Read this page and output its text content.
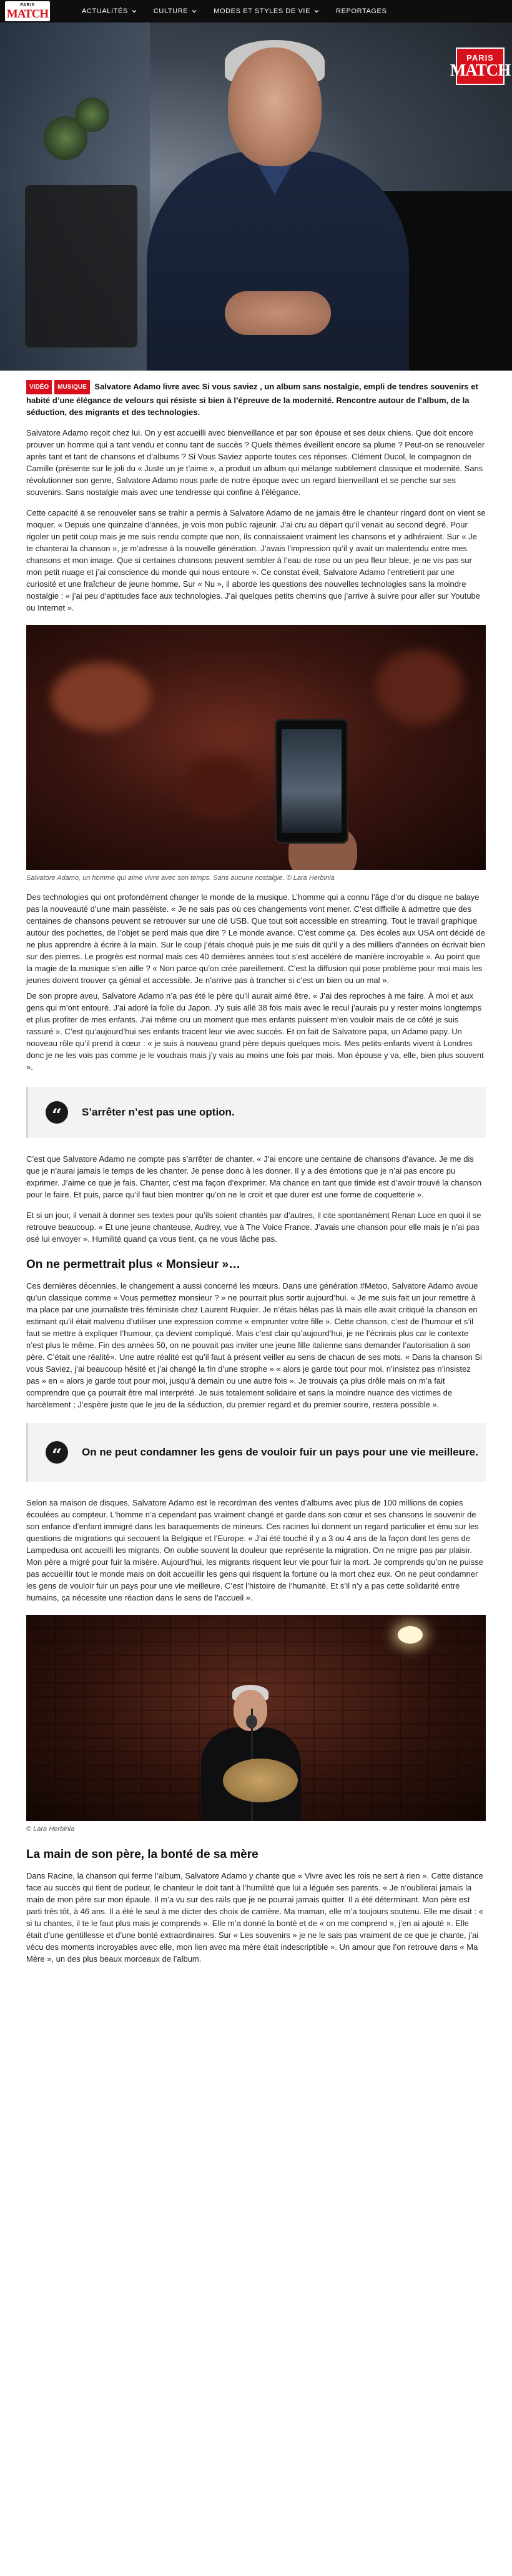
PARIS
MATCH	ACTUALITÉS	CULTURE	MODES ET STYLES DE VIE	REPORTAGES
PARIS
MATCH
VIDÉO MUSIQUE Salvatore Adamo livre avec Si vous saviez , un album sans nostalgie, empli de tendres souvenirs et habité d’une élégance de velours qui résiste si bien à l’épreuve de la modernité. Rencontre autour de l’album, de la séduction, des migrants et des technologies.

Salvatore Adamo reçoit chez lui. On y est accueilli avec bienveillance et par son épouse et ses deux chiens. Que doit encore prouver un homme qui a tant vendu et connu tant de succès ? Quels thèmes éveillent encore sa plume ? Peut-on se renouveler après tant et tant de chansons et d’albums ? Si Vous Saviez apporte toutes ces réponses. Clément Ducol, le compagnon de Camille (présente sur le joli du « Juste un je t’aime », a produit un album qui mélange subtilement classique et modernité. Sans révolutionner son genre, Salvatore Adamo nous parle de notre époque avec un regard bienveillant et se penche sur ses souvenirs. Sans nostalgie mais avec une tendresse qui confine à l’élégance.

Cette capacité à se renouveler sans se trahir a permis à Salvatore Adamo de ne jamais être le chanteur ringard dont on vient se moquer. « Depuis une quinzaine d’années, je vois mon public rajeunir. J’ai cru au départ qu’il venait au second degré. Pour rigoler un petit coup mais je me suis rendu compte que non, ils connaissaient vraiment les chansons et y adhéraient. Sur « Je te chanterai la chanson », je m’adresse à la nouvelle génération. J’avais l’impression qu’il y avait un malentendu entre mes chansons et mon image. Que si certaines chansons peuvent sembler à l’eau de rose ou un peu fleur bleue, je ne vis pas sur mon petit nuage et j’ai conscience du monde qui nous entoure ». Ce constat éveil, Salvatore Adamo l’entretient par une curiosité et une fraîcheur de jeune homme. Sur « Nu », il aborde les questions des nouvelles technologies sans la moindre nostalgie : « j’ai peu d’aptitudes face aux technologies. J’ai quelques petits chemins que j’arrive à suivre pour aller sur Youtube ou Internet ».

Salvatore Adamo, un homme qui aime vivre avec son temps. Sans aucune nostalgie. © Lara Herbinia

Des technologies qui ont profondément changer le monde de la musique. L’homme qui a connu l’âge d’or du disque ne balaye pas la nouveauté d’une main passéiste. « Je ne sais pas où ces changements vont mener. C’est difficile à admettre que des centaines de chansons peuvent se retrouver sur une clé USB. Que tout soit accessible en streaming. Tout le travail graphique autour des pochettes, de l’objet se perd mais que dire ? Le monde avance. C’est comme ça. Des écoles aux USA ont décidé de ne plus apprendre à écrire à la main. Sur le coup j’étais choqué puis je me suis dit qu’il y a des milliers d’années on écrivait bien sur des pierres. Le progrès est normal mais ces 40 dernières années tout s’est accéléré de manière incroyable ». Au point que la magie de la musique s’en aille ? « Non parce qu’on crée pareillement. C’est la diffusion qui pose problème pour moi mais les jeunes doivent trouver ça génial et accessible. Je n’arrive pas à trancher si c’est un bien ou un mal ».

De son propre aveu, Salvatore Adamo n’a pas été le père qu’il aurait aimé être. « J’ai des reproches à me faire. À moi et aux gens qui m’ont entouré. J’ai adoré la folie du Japon. J’y suis allé 38 fois mais avec le recul j’aurais pu y rester moins longtemps et plus profiter de mes enfants. J’ai même cru un moment que mes enfants puissent m’en vouloir mais de ce côté je suis rassuré ». C’est qu’aujourd’hui ses enfants tracent leur vie avec succès. Et on fait de Salvatore papa, un Adamo papy. Un nouveau rôle qu’il prend à cœur : « je suis à nouveau grand père depuis quelques mois. Mes petits-enfants vivent à Londres donc je ne les vois pas comme je le voudrais mais j’y vais au moins une fois par mois. Mon épouse y va, elle, bien plus souvent ».

“	S’arrêter n’est pas une option.

C’est que Salvatore Adamo ne compte pas s’arrêter de chanter. « J’ai encore une centaine de chansons d’avance. Je me dis que je n’aurai jamais le temps de les chanter. Je pense donc à les donner. Il y a des émotions que je n’ai pas encore pu exprimer. J’aime ce que je fais. Chanter, c’est ma façon d’exprimer. Ma chance en tant que timide est d’avoir trouvé la chanson pour le faire. Et puis, parce qu’il faut bien montrer qu’on ne le croit et que durer est une forme de coquetterie ».

Et si un jour, il venait à donner ses textes pour qu’ils soient chantés par d’autres, il cite spontanément Renan Luce en quoi il se retrouve beaucoup. « Et une jeune chanteuse, Audrey, vue à The Voice France. J’avais une chanson pour elle mais je n’ai pas osé lui envoyer ». Humilité quand ça vous tient, ça ne vous lâche pas.

On ne permettrait plus « Monsieur »…

Ces dernières décennies, le changement a aussi concerné les mœurs. Dans une génération #Metoo, Salvatore Adamo avoue qu’un classique comme « Vous permettez monsieur ? » ne pourrait plus sortir aujourd’hui. « Je me suis fait un jour remettre à ma place par une journaliste très féministe chez Laurent Ruquier. Je n’étais hélas pas là mais elle avait critiqué la chanson en estimant qu’il était malvenu d’utiliser une expression comme « emprunter votre fille ». Cette chanson, c’est de l’humour et s’il faut se mettre à expliquer l’humour, ça devient compliqué. Mais c’est clair qu’aujourd’hui, je ne l’écrirais plus car le contexte n’est plus le même. Fin des années 50, on ne pouvait pas inviter une jeune fille italienne sans demander l’autorisation à son père. C’était une réalité». Une autre réalité est qu’il faut à présent veiller au sens de chacun de ses mots. « Dans la chanson Si vous Saviez, j’ai beaucoup hésité et j’ai changé la fin d’une strophe » « alors je garde tout pour moi, n’insistez pas n’insistez pas » en « alors je garde tout pour moi, jusqu’à demain ou une autre fois ». Je trouvais ça plus drôle mais on m’a fait comprendre que ça pourrait être mal interprété. Je suis totalement solidaire et sans la moindre nuance des victimes de harcèlement ; J’espère juste que le jeu de la séduction, du premier regard et du premier sourire, restera possible ».

“	On ne peut condamner les gens de vouloir fuir un pays pour une vie meilleure.

Selon sa maison de disques, Salvatore Adamo est le recordman des ventes d’albums avec plus de 100 millions de copies écoulées au compteur. L’homme n’a cependant pas vraiment changé et garde dans son cœur et ses chansons le souvenir de son enfance d’enfant immigré dans les baraquements de mineurs. Ces racines lui donnent un regard particulier et ému sur les questions de migrations qui secouent la Belgique et l’Europe. « J’ai été touché il y a 3 ou 4 ans de la façon dont les gens de Lampedusa ont accueilli les migrants. On oublie souvent la douleur que représente la migration. On ne migre pas par plaisir. Mon père a migré pour fuir la misère. Aujourd’hui, les migrants risquent leur vie pour fuir la mort. Je comprends qu’on ne puisse pas accueillir tout le monde mais on doit accueillir les gens qui risquent la fortune ou la mort chez eux. On ne peut condamner les gens de vouloir fuir un pays pour une vie meilleure. C’est l’histoire de l’humanité. Et s’il n’y a pas cette solidarité entre humains, ça nécessite une réaction dans le sens de l’accueil ».

© Lara Herbinia
La main de son père, la bonté de sa mère

Dans Racine, la chanson qui ferme l’album, Salvatore Adamo y chante que « Vivre avec les rois ne sert à rien ». Cette distance face au succès qui tient de pudeur, le chanteur le doit tant à l’humilité que lui a léguée ses parents. « Je n’oublierai jamais la main de mon père sur mon épaule. Il m’a vu sur des rails que je ne pourrai jamais quitter. Il a été déterminant. Mon père est parti très tôt, à 46 ans. Il a été le seul à me dicter des choix de carrière. Ma maman, elle m’a toujours soutenu. Elle me disait : « si tu chantes, il te le faut plus mais je comprends ». Elle m’a donné la bonté et de « on me comprend », j’en ai ajouté ». Elle était d’une gentillesse et d’une bonté extraordinaires. Sur « Les souvenirs » je ne le sais pas vraiment de ce que je chante, j’ai vécu des moments incroyables avec elle, mon lien avec ma mère était indescriptible ». Un amour que l’on retrouve dans « Ma Mère », un des plus beaux morceaux de l’album.
